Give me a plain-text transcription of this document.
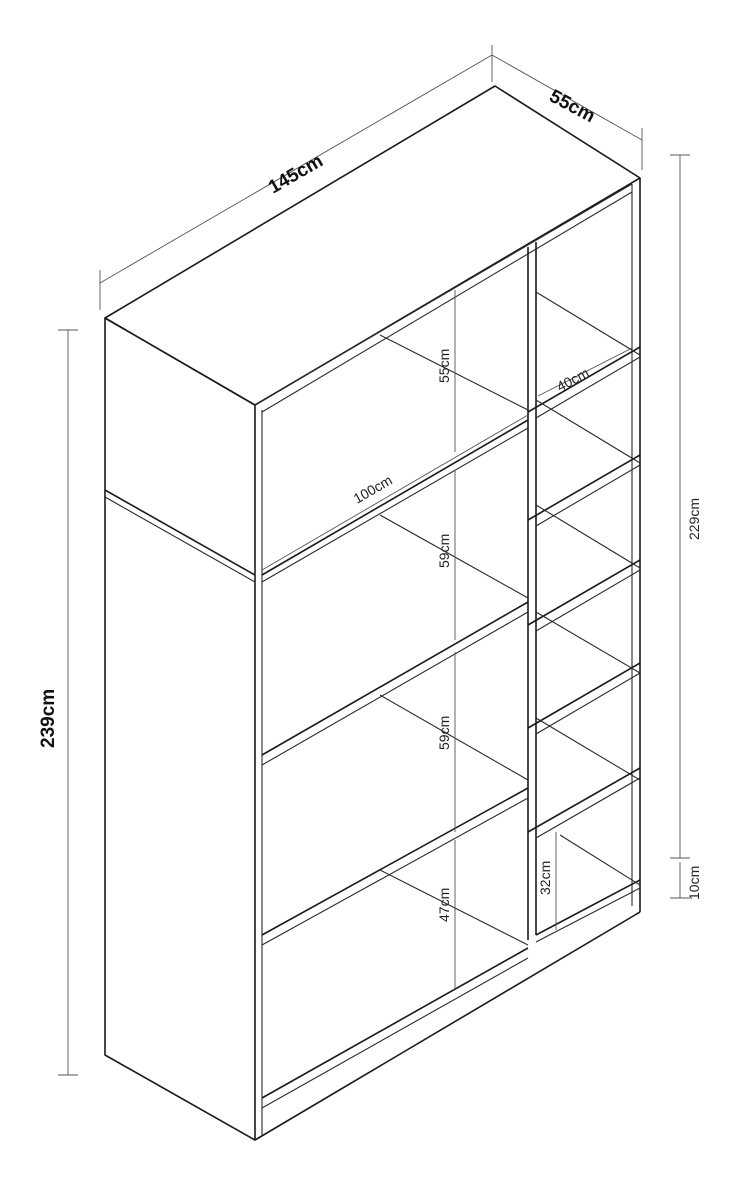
145cm
55cm
239cm
229cm
10cm
55cm	40cm
100cm
59cm
59cm
47cm
32cm
